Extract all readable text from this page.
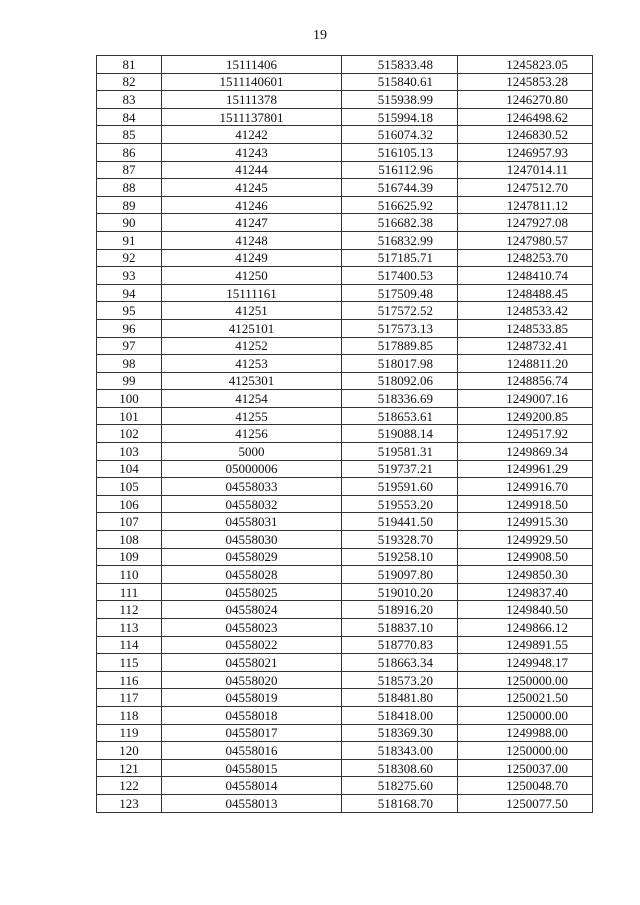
19
81	15111406	515833.48	1245823.05
82	1511140601	515840.61	1245853.28
83	15111378	515938.99	1246270.80
84	1511137801	515994.18	1246498.62
85	41242	516074.32	1246830.52
86	41243	516105.13	1246957.93
87	41244	516112.96	1247014.11
88	41245	516744.39	1247512.70
89	41246	516625.92	1247811.12
90	41247	516682.38	1247927.08
91	41248	516832.99	1247980.57
92	41249	517185.71	1248253.70
93	41250	517400.53	1248410.74
94	15111161	517509.48	1248488.45
95	41251	517572.52	1248533.42
96	4125101	517573.13	1248533.85
97	41252	517889.85	1248732.41
98	41253	518017.98	1248811.20
99	4125301	518092.06	1248856.74
100	41254	518336.69	1249007.16
101	41255	518653.61	1249200.85
102	41256	519088.14	1249517.92
103	5000	519581.31	1249869.34
104	05000006	519737.21	1249961.29
105	04558033	519591.60	1249916.70
106	04558032	519553.20	1249918.50
107	04558031	519441.50	1249915.30
108	04558030	519328.70	1249929.50
109	04558029	519258.10	1249908.50
110	04558028	519097.80	1249850.30
111	04558025	519010.20	1249837.40
112	04558024	518916.20	1249840.50
113	04558023	518837.10	1249866.12
114	04558022	518770.83	1249891.55
115	04558021	518663.34	1249948.17
116	04558020	518573.20	1250000.00
117	04558019	518481.80	1250021.50
118	04558018	518418.00	1250000.00
119	04558017	518369.30	1249988.00
120	04558016	518343.00	1250000.00
121	04558015	518308.60	1250037.00
122	04558014	518275.60	1250048.70
123	04558013	518168.70	1250077.50
